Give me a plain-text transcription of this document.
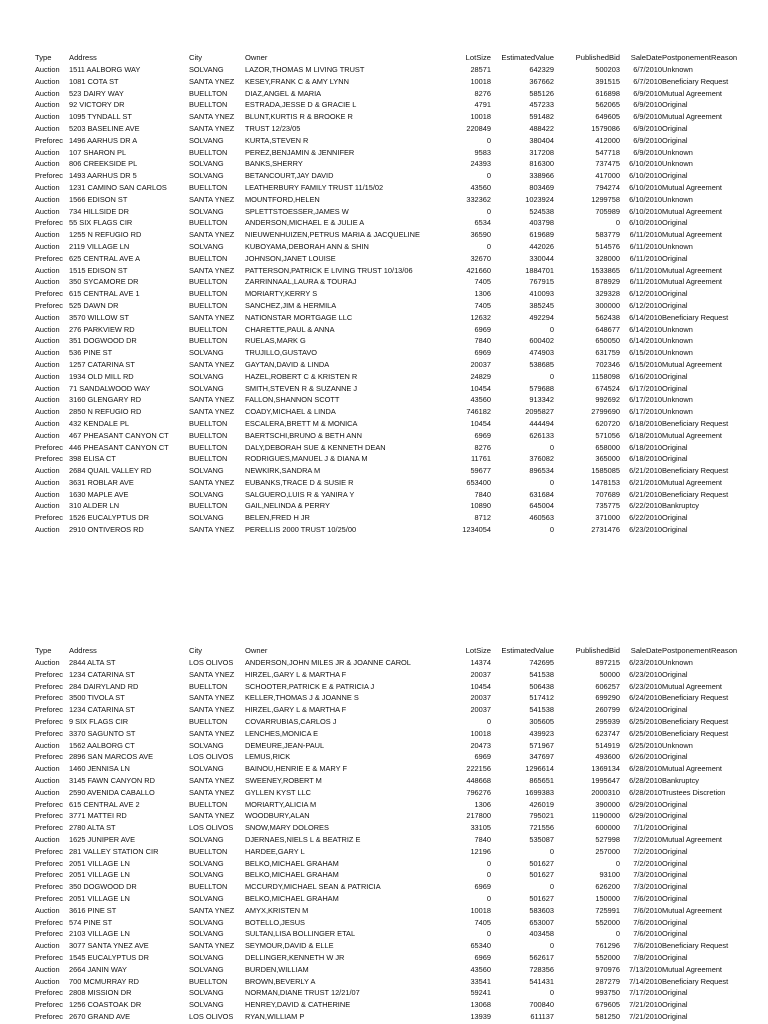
Type	Address	City	Owner	LotSize	EstimatedValue	PublishedBid	SaleDate PostponementReason
Auction	1511 AALBORG WAY	SOLVANG	LAZOR,THOMAS M LIVING TRUST	28571	642329	500203	6/7/2010 Unknown
Auction	1081 COTA ST	SANTA YNEZ	KESEY,FRANK C & AMY LYNN	10018	367662	391515	6/7/2010 Beneficiary Request
Auction	523 DAIRY WAY	BUELLTON	DIAZ,ANGEL & MARIA	8276	585126	616898	6/9/2010 Mutual Agreement
Auction	92 VICTORY DR	BUELLTON	ESTRADA,JESSE D & GRACIE L	4791	457233	562065	6/9/2010 Original
Auction	1095 TYNDALL ST	SANTA YNEZ	BLUNT,KURTIS R & BROOKE R	10018	591482	649605	6/9/2010 Mutual Agreement
Auction	5203 BASELINE AVE	SANTA YNEZ	TRUST 12/23/05	220849	488422	1579086	6/9/2010 Original
Preforec 1496 AARHUS DR A	SOLVANG	KURTA,STEVEN R	0	380404	412000	6/9/2010 Original
Auction	107 SHARON PL	BUELLTON	PEREZ,BENJAMIN & JENNIFER	9583	317208	547718	6/9/2010 Unknown
Auction	806 CREEKSIDE PL	SOLVANG	BANKS,SHERRY	24393	816300	737475	6/10/2010 Unknown
Preforec 1493 AARHUS DR 5	SOLVANG	BETANCOURT,JAY DAVID	0	338966	417000	6/10/2010 Original
Auction	1231 CAMINO SAN CARLOS	BUELLTON	LEATHERBURY FAMILY TRUST 11/15/02	43560	803469	794274	6/10/2010 Mutual Agreement
Auction	1566 EDISON ST	SANTA YNEZ	MOUNTFORD,HELEN	332362	1023924	1299758	6/10/2010 Unknown
Auction	734 HILLSIDE DR	SOLVANG	SPLETTSTOESSER,JAMES W	0	524538	705989	6/10/2010 Mutual Agreement
Preforec 55 SIX FLAGS CIR	BUELLTON	ANDERSON,MICHAEL E & JULIE A	6534	403798	0	6/10/2010 Original
Auction	1255 N REFUGIO RD	SANTA YNEZ	NIEUWENHUIZEN,PETRUS MARIA & JACQUELINE	36590	619689	583779	6/11/2010 Mutual Agreement
Auction	2119 VILLAGE LN	SOLVANG	KUBOYAMA,DEBORAH ANN & SHIN	0	442026	514576	6/11/2010 Unknown
Preforec 625 CENTRAL AVE A	BUELLTON	JOHNSON,JANET LOUISE	32670	330044	328000	6/11/2010 Original
Auction	1515 EDISON ST	SANTA YNEZ	PATTERSON,PATRICK E LIVING TRUST 10/13/06	421660	1884701	1533865	6/11/2010 Mutual Agreement
Auction	350 SYCAMORE DR	BUELLTON	ZARRINNAAL,LAURA & TOURAJ	7405	767915	878929	6/11/2010 Mutual Agreement
Preforec 615 CENTRAL AVE 1	BUELLTON	MORIARTY,KERRY S	1306	410093	329328	6/12/2010 Original
Preforec 525 DAWN DR	BUELLTON	SANCHEZ,JIM & HERMILA	7405	385245	300000	6/12/2010 Original
Auction	3570 WILLOW ST	SANTA YNEZ	NATIONSTAR MORTGAGE LLC	12632	492294	562438	6/14/2010 Beneficiary Request
Auction	276 PARKVIEW RD	BUELLTON	CHARETTE,PAUL & ANNA	6969	0	648677	6/14/2010 Unknown
Auction	351 DOGWOOD DR	BUELLTON	RUELAS,MARK G	7840	600402	650050	6/14/2010 Unknown
Auction	536 PINE ST	SOLVANG	TRUJILLO,GUSTAVO	6969	474903	631759	6/15/2010 Unknown
Auction	1257 CATARINA ST	SANTA YNEZ	GAYTAN,DAVID & LINDA	20037	538685	702346	6/15/2010 Mutual Agreement
Auction	1934 OLD MILL RD	SOLVANG	HAZEL,ROBERT C & KRISTEN R	24829	0	1158098	6/16/2010 Original
Auction	71 SANDALWOOD WAY	SOLVANG	SMITH,STEVEN R & SUZANNE J	10454	579688	674524	6/17/2010 Original
Auction	3160 GLENGARY RD	SANTA YNEZ	FALLON,SHANNON SCOTT	43560	913342	992692	6/17/2010 Unknown
Auction	2850 N REFUGIO RD	SANTA YNEZ	COADY,MICHAEL & LINDA	746182	2095827	2799690	6/17/2010 Unknown
Auction	432 KENDALE PL	BUELLTON	ESCALERA,BRETT M & MONICA	10454	444494	620720	6/18/2010 Beneficiary Request
Auction	467 PHEASANT CANYON CT	BUELLTON	BAERTSCHI,BRUNO & BETH ANN	6969	626133	571056	6/18/2010 Mutual Agreement
Preforec 446 PHEASANT CANYON CT	BUELLTON	DALY,DEBORAH SUE & KENNETH DEAN	8276	0	658000	6/18/2010 Original
Preforec 398 ELISA CT	BUELLTON	RODRIGUES,MANUEL J & DIANA M	11761	376082	365000	6/18/2010 Original
Auction	2684 QUAIL VALLEY RD	SOLVANG	NEWKIRK,SANDRA M	59677	896534	1585085	6/21/2010 Beneficiary Request
Auction	3631 ROBLAR AVE	SANTA YNEZ	EUBANKS,TRACE D & SUSIE R	653400	0	1478153	6/21/2010 Mutual Agreement
Auction	1630 MAPLE AVE	SOLVANG	SALGUERO,LUIS R & YANIRA Y	7840	631684	707689	6/21/2010 Beneficiary Request
Auction	310 ALDER LN	BUELLTON	GAIL,NELINDA & PERRY	10890	645004	735775	6/22/2010 Bankruptcy
Preforec 1526 EUCALYPTUS DR	SOLVANG	BELEN,FRED H JR	8712	460563	371000	6/22/2010 Original
Auction	2910 ONTIVEROS RD	SANTA YNEZ	PERELLIS 2000 TRUST 10/25/00	1234054	0	2731476	6/23/2010 Original
Type	Address	City	Owner	LotSize	EstimatedValue	PublishedBid	SaleDate PostponementReason
Auction	2844 ALTA ST	LOS OLIVOS	ANDERSON,JOHN MILES JR & JOANNE CAROL	14374	742695	897215	6/23/2010 Unknown
Preforec 1234 CATARINA ST	SANTA YNEZ	HIRZEL,GARY L & MARTHA F	20037	541538	50000	6/23/2010 Original
Preforec 284 DAIRYLAND RD	BUELLTON	SCHOOTER,PATRICK E & PATRICIA J	10454	506438	606257	6/23/2010 Mutual Agreement
Preforec 3500 TIVOLA ST	SANTA YNEZ	KELLER,THOMAS J & JOANNE S	20037	517412	699290	6/24/2010 Beneficiary Request
Preforec 1234 CATARINA ST	SANTA YNEZ	HIRZEL,GARY L & MARTHA F	20037	541538	260799	6/24/2010 Original
Preforec 9 SIX FLAGS CIR	BUELLTON	COVARRUBIAS,CARLOS J	0	305605	295939	6/25/2010 Beneficiary Request
Preforec 3370 SAGUNTO ST	SANTA YNEZ	LENCHES,MONICA E	10018	439923	623747	6/25/2010 Beneficiary Request
Auction	1562 AALBORG CT	SOLVANG	DEMEURE,JEAN-PAUL	20473	571967	514919	6/25/2010 Unknown
Preforec 2896 SAN MARCOS AVE	LOS OLIVOS	LEMUS,RICK	6969	347697	493600	6/26/2010 Original
Auction	1460 JENNISA LN	SOLVANG	BAINOU,HENRIE E & MARY F	222156	1296614	1369134	6/28/2010 Mutual Agreement
Auction	3145 FAWN CANYON RD	SANTA YNEZ	SWEENEY,ROBERT M	448668	865651	1995647	6/28/2010 Bankruptcy
Auction	2590 AVENIDA CABALLO	SANTA YNEZ	GYLLEN KYST LLC	796276	1699383	2000310	6/28/2010 Trustees Discretion
Preforec 615 CENTRAL AVE 2	BUELLTON	MORIARTY,ALICIA M	1306	426019	390000	6/29/2010 Original
Preforec 3771 MATTEI RD	SANTA YNEZ	WOODBURY,ALAN	217800	795021	1190000	6/29/2010 Original
Preforec 2780 ALTA ST	LOS OLIVOS	SNOW,MARY DOLORES	33105	721556	600000	7/1/2010 Original
Auction	1625 JUNIPER AVE	SOLVANG	DJERNAES,NIELS L & BEATRIZ E	7840	535087	527998	7/2/2010 Mutual Agreement
Preforec 281 VALLEY STATION CIR	BUELLTON	HARDEE,GARY L	12196	0	257000	7/2/2010 Original
Preforec 2051 VILLAGE LN	SOLVANG	BELKO,MICHAEL GRAHAM	0	501627	0	7/2/2010 Original
Preforec 2051 VILLAGE LN	SOLVANG	BELKO,MICHAEL GRAHAM	0	501627	93100	7/3/2010 Original
Preforec 350 DOGWOOD DR	BUELLTON	MCCURDY,MICHAEL SEAN & PATRICIA	6969	0	626200	7/3/2010 Original
Preforec 2051 VILLAGE LN	SOLVANG	BELKO,MICHAEL GRAHAM	0	501627	150000	7/6/2010 Original
Auction	3616 PINE ST	SANTA YNEZ	AMYX,KRISTEN M	10018	583603	725991	7/6/2010 Mutual Agreement
Preforec 574 PINE ST	SOLVANG	BOTELLO,JESUS	7405	653007	552000	7/6/2010 Original
Preforec 2103 VILLAGE LN	SOLVANG	SULTAN,LISA BOLLINGER ETAL	0	403458	0	7/6/2010 Original
Auction	3077 SANTA YNEZ AVE	SANTA YNEZ	SEYMOUR,DAVID & ELLE	65340	0	761296	7/6/2010 Beneficiary Request
Preforec 1545 EUCALYPTUS DR	SOLVANG	DELLINGER,KENNETH W JR	6969	562617	552000	7/8/2010 Original
Auction	2664 JANIN WAY	SOLVANG	BURDEN,WILLIAM	43560	728356	970976	7/13/2010 Mutual Agreement
Auction	700 MCMURRAY RD	BUELLTON	BROWN,BEVERLY A	33541	541431	287279	7/14/2010 Beneficiary Request
Preforec 2808 MISSION DR	SOLVANG	NORMAN,DIANE TRUST 12/21/07	59241	0	993750	7/17/2010 Original
Preforec 1256 COASTOAK DR	SOLVANG	HENREY,DAVID & CATHERINE	13068	700840	679605	7/21/2010 Original
Preforec 2670 GRAND AVE	LOS OLIVOS	RYAN,WILLIAM P	13939	611137	581250	7/21/2010 Original
